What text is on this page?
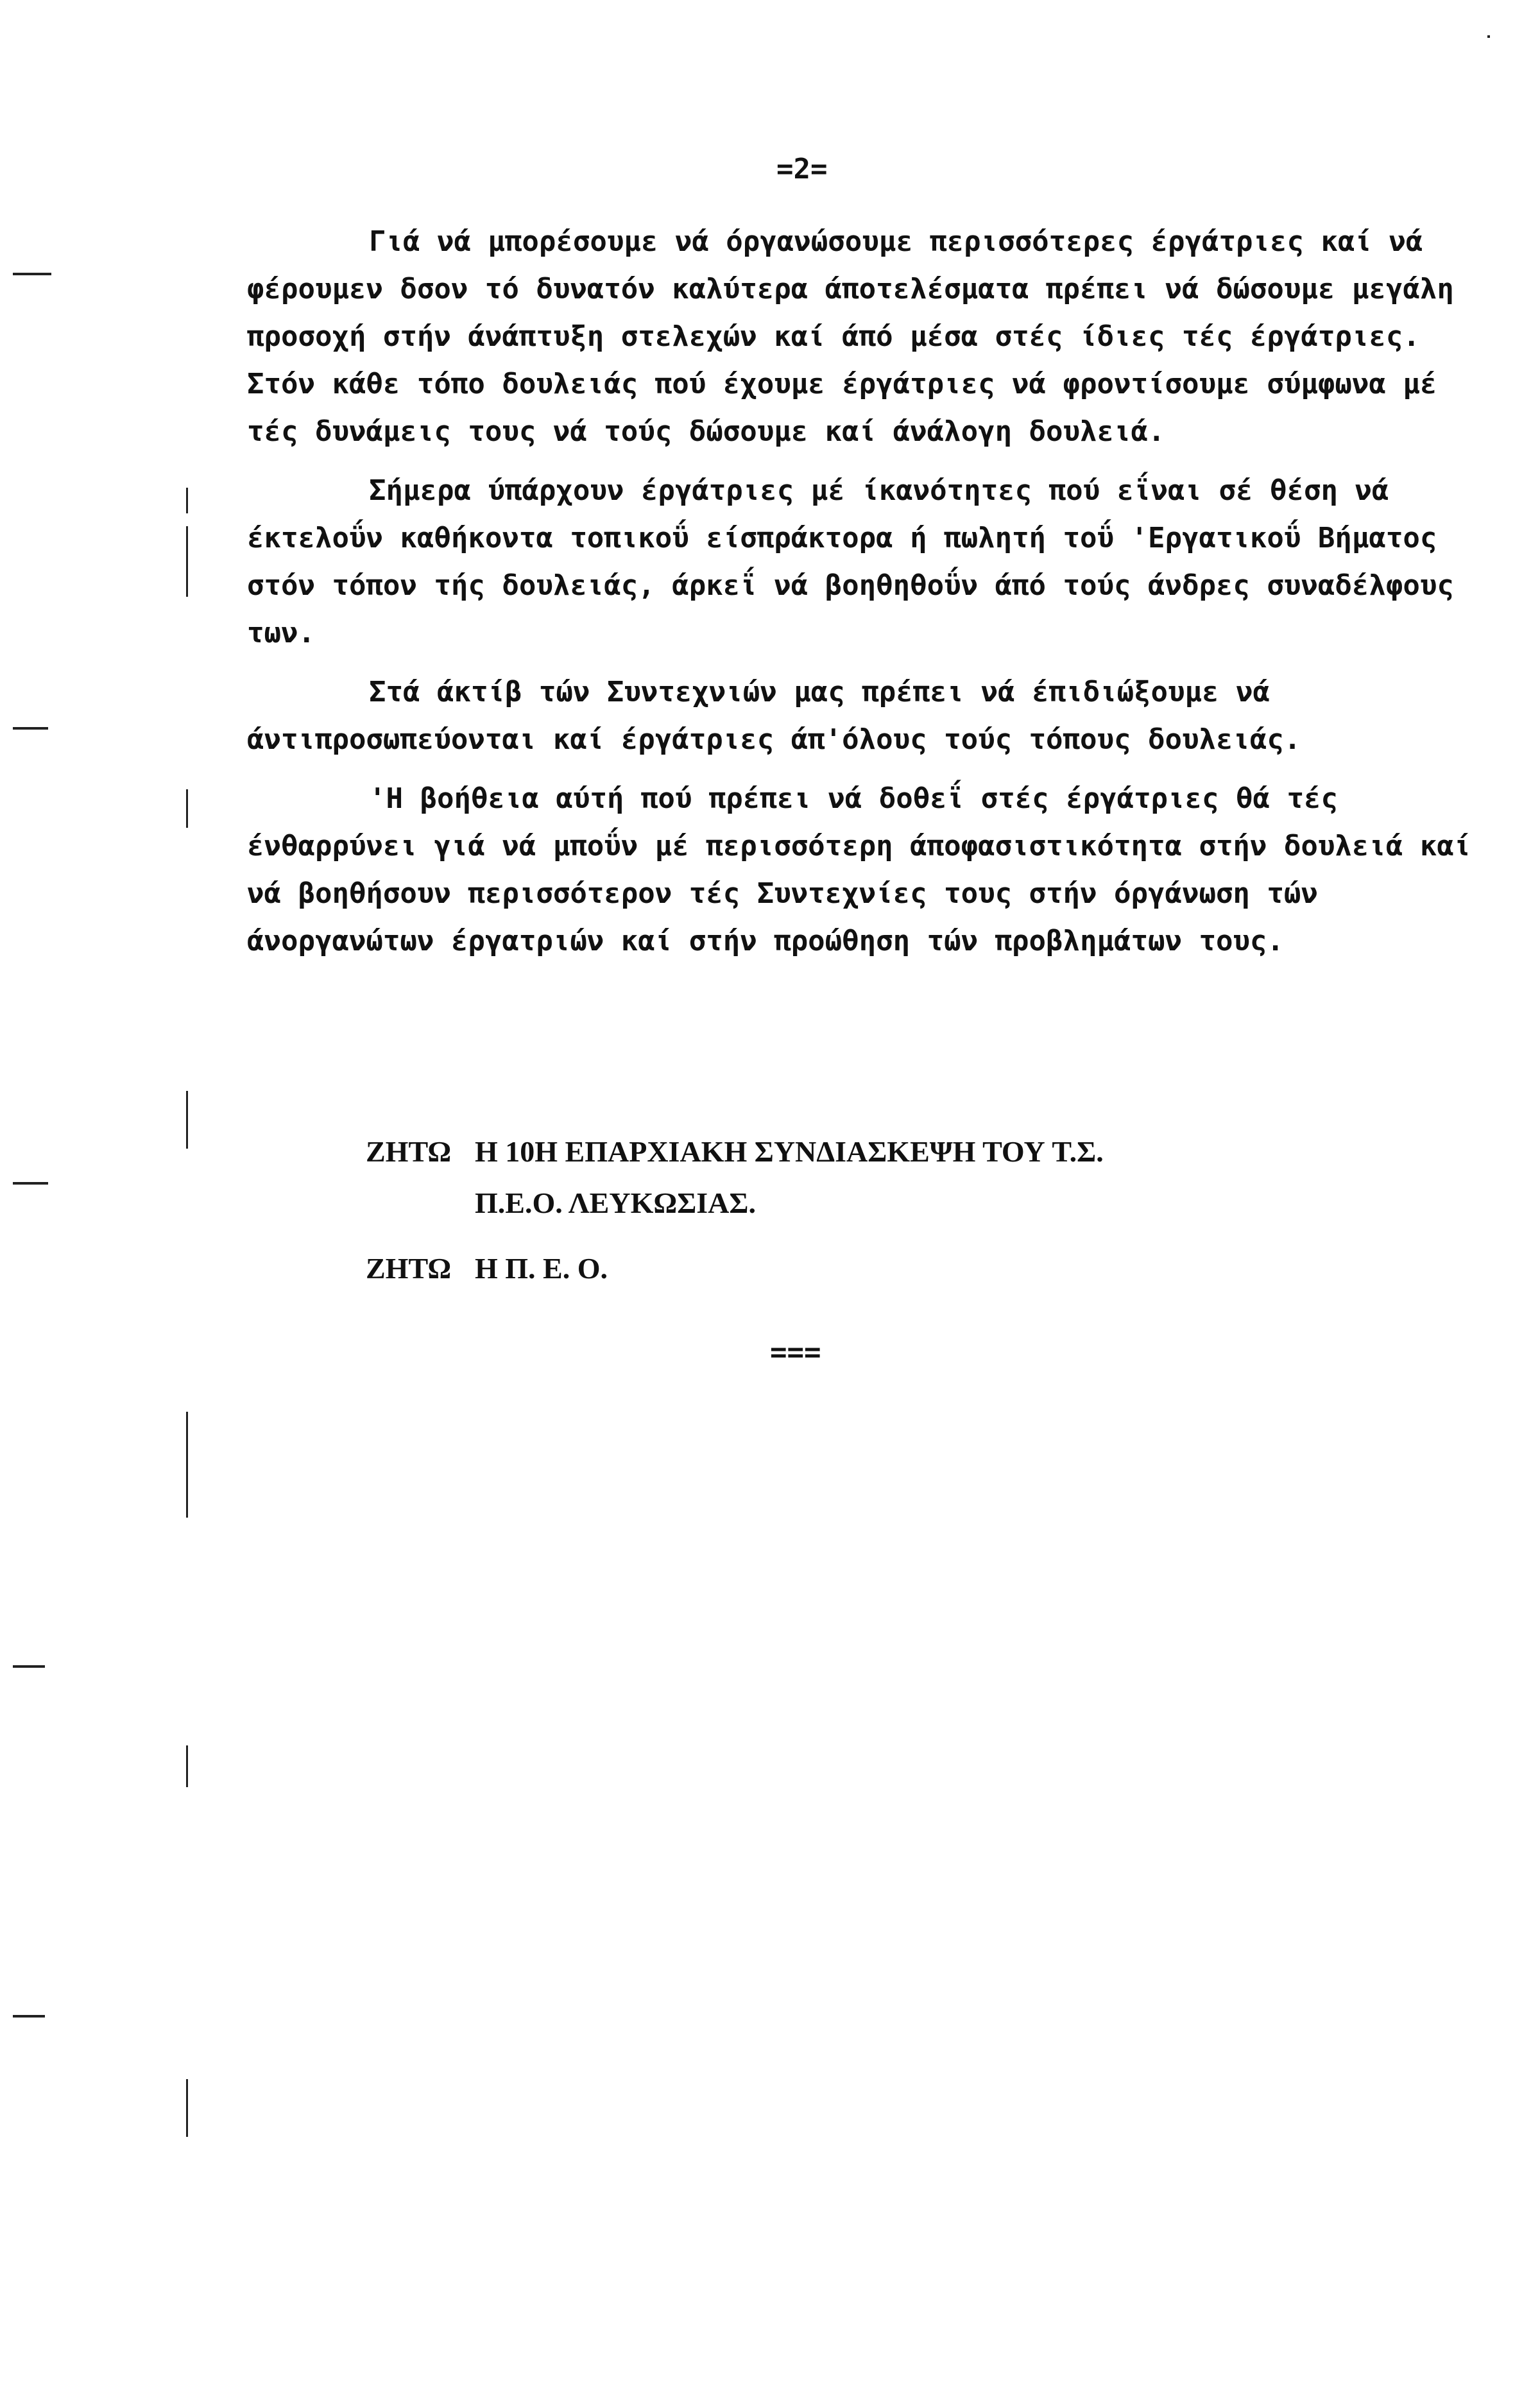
=2=

Γιά νά μπορέσουμε νά όργανώσουμε περισσότερες έργάτριες καί νά φέρουμεν δσον τό δυνατόν καλύτερα άποτελέσματα πρέπει νά δώσουμε μεγάλη προσοχή στήν άνάπτυξη στελεχών καί άπό μέσα στές ίδιες τές έργάτριες. Στόν κάθε τόπο δουλειάς πού έχουμε έργάτριες νά φροντίσουμε σύμφωνα μέ τές δυνάμεις τους νά τούς δώσουμε καί άνάλογη δουλειά.

Σήμερα ύπάρχουν έργάτριες μέ ίκανότητες πού εΐναι σέ θέση νά έκτελοΰν καθήκοντα τοπικοΰ είσπράκτορα ή πωλητή τοΰ 'Εργατικοΰ Βήματος στόν τόπον τής δουλειάς, άρκεΐ νά βοηθηθοΰν άπό τούς άνδρες συναδέλφους των.

Στά άκτίβ τών Συντεχνιών μας πρέπει νά έπιδιώξουμε νά άντιπροσωπεύονται καί έργάτριες άπ'όλους τούς τόπους δουλειάς.

'Η βοήθεια αύτή πού πρέπει νά δοθεΐ στές έργάτριες θά τές ένθαρρύνει γιά νά μποΰν μέ περισσότερη άποφασιστικότητα στήν δουλειά καί νά βοηθήσουν περισσότερον τές Συντεχνίες τους στήν όργάνωση τών άνοργανώτων έργατριών καί στήν προώθηση τών προβλημάτων τους.

ΖΗΤΩ Η 10Η ΕΠΑΡΧΙΑΚΗ ΣΥΝΔΙΑΣΚΕΨΗ ΤΟΥ Τ.Σ.
Π.Ε.Ο. ΛΕΥΚΩΣΙΑΣ.
ΖΗΤΩ Η Π. Ε. Ο.
===
